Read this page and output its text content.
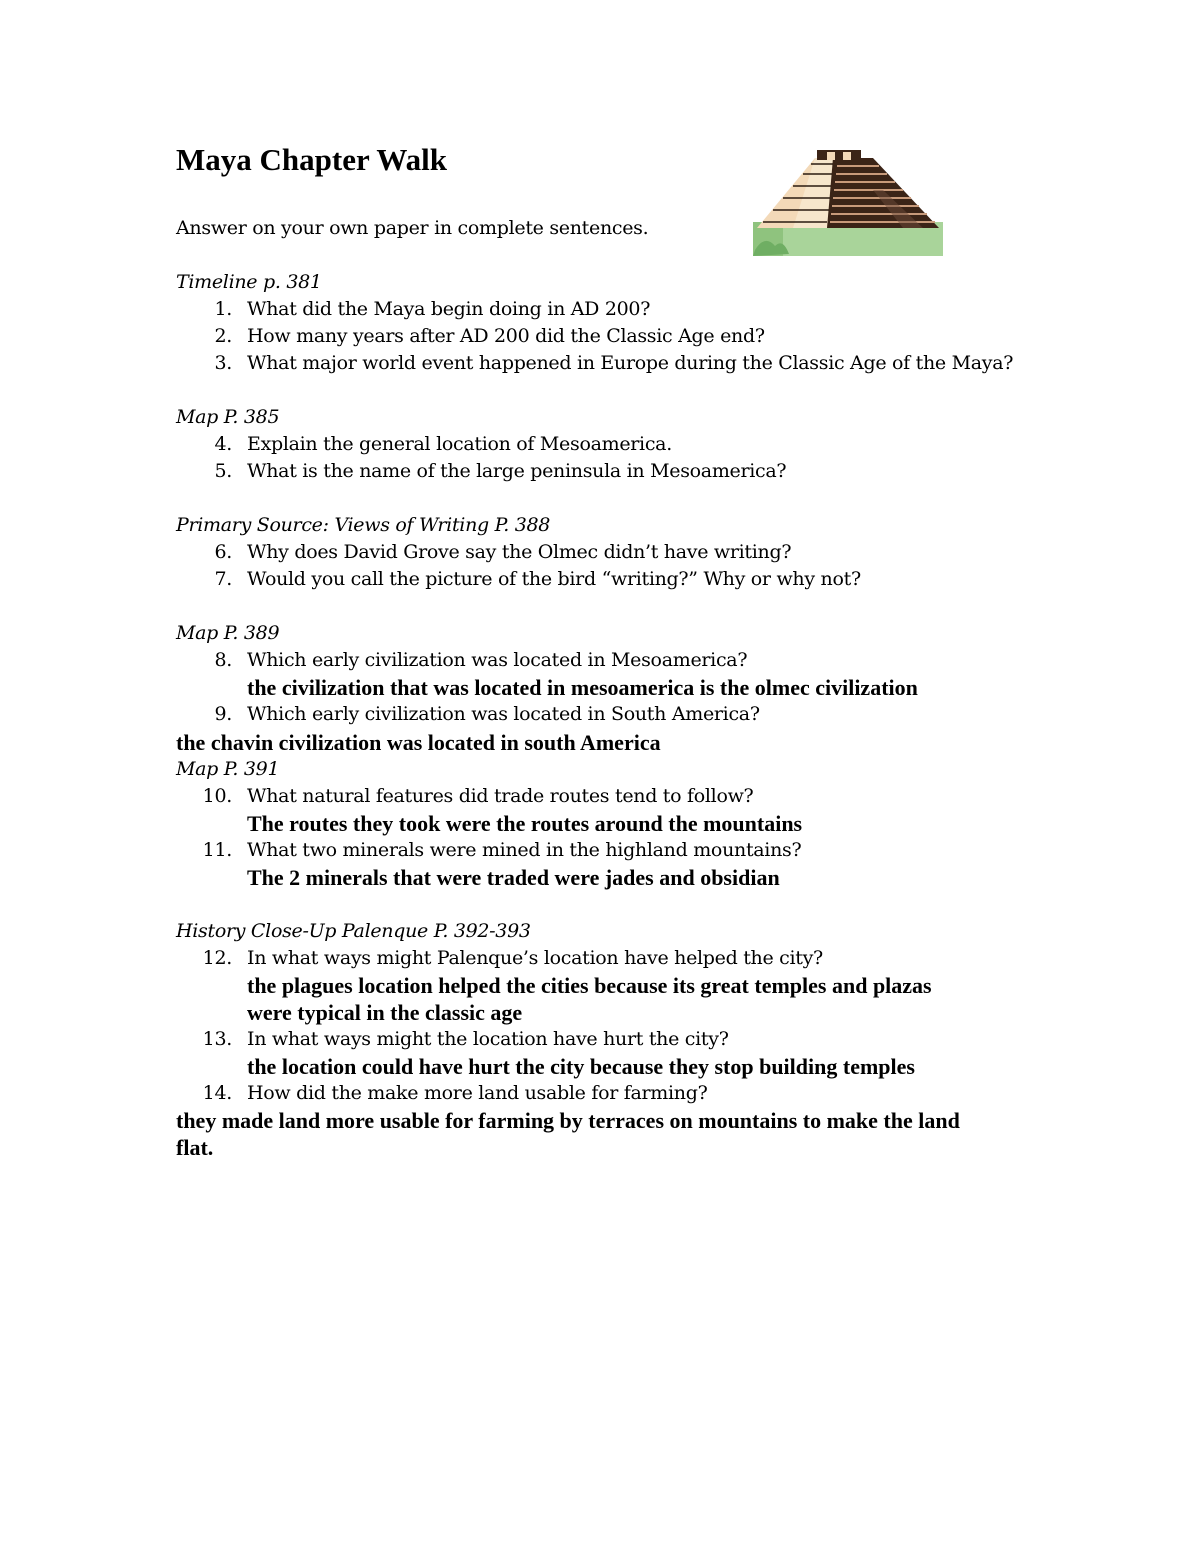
Maya Chapter Walk
Answer on your own paper in complete sentences.
Timeline p. 381
1. What did the Maya begin doing in AD 200?
2. How many years after AD 200 did the Classic Age end?
3. What major world event happened in Europe during the Classic Age of the Maya?
Map P. 385
4. Explain the general location of Mesoamerica.
5. What is the name of the large peninsula in Mesoamerica?
Primary Source: Views of Writing P. 388
6. Why does David Grove say the Olmec didn’t have writing?
7. Would you call the picture of the bird “writing?” Why or why not?
Map P. 389
8. Which early civilization was located in Mesoamerica?
the civilization that was located in mesoamerica is the olmec civilization
9. Which early civilization was located in South America?
the chavin civilization was located in south America
Map P. 391
10. What natural features did trade routes tend to follow?
The routes they took were the routes around the mountains
11. What two minerals were mined in the highland mountains?
The 2 minerals that were traded were jades and obsidian
History Close-Up Palenque P. 392-393
12. In what ways might Palenque’s location have helped the city?
the plagues location helped the cities because its great temples and plazas
were typical in the classic age
13. In what ways might the location have hurt the city?
the location could have hurt the city because they stop building temples
14. How did the make more land usable for farming?
they made land more usable for farming by terraces on mountains to make the land
flat.
